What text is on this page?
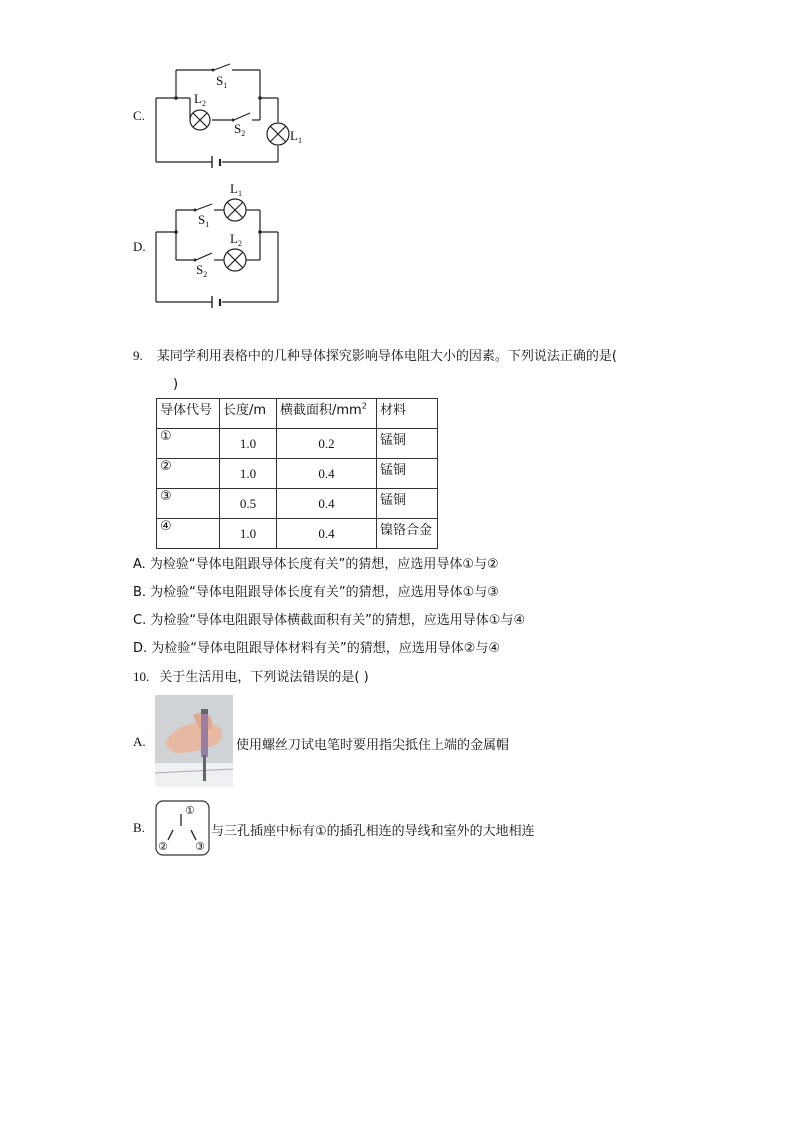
C.
$S_1$
$S_2$
$L_2$
$L_1$
D.
$S_1$
$S_2$
$L_1$
$L_2$
9. 某同学利用表格中的几种导体探究影响导体电阻大小的因素。下列说法正确的是(
)
导体代号	长度/m	横截面积$/mm^2$	材料
①	1.0	0.2	锰铜
②	1.0	0.4	锰铜
③	0.5	0.4	锰铜
④	1.0	0.4	镍铬合金
A. 为检验“导体电阻跟导体长度有关”的猜想，应选用导体①与②
B. 为检验“导体电阻跟导体长度有关”的猜想，应选用导体①与③
C. 为检验“导体电阻跟导体横截面积有关”的猜想，应选用导体①与④
D. 为检验“导体电阻跟导体材料有关”的猜想，应选用导体②与④
10. 关于生活用电，下列说法错误的是( )
A.	使用螺丝刀试电笔时要用指尖抵住上端的金属帽
B.
①
② ③
与三孔插座中标有①的插孔相连的导线和室外的大地相连
